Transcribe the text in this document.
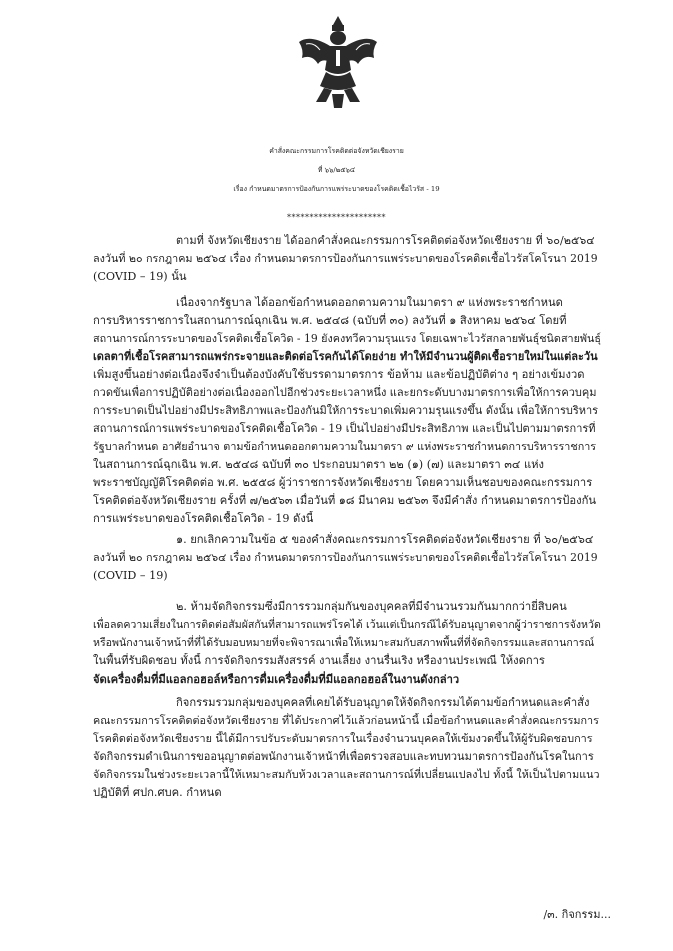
คำสั่งคณะกรรมการโรคติดต่อจังหวัดเชียงราย
ที่ ๖๖/๒๕๖๔
เรื่อง กำหนดมาตรการป้องกันการแพร่ระบาดของโรคติดเชื้อไวรัส - 19
**********************
ตามที่ จังหวัดเชียงราย ได้ออกคำสั่งคณะกรรมการโรคติดต่อจังหวัดเชียงราย ที่ ๖๐/๒๕๖๔
ลงวันที่ ๒๐ กรกฎาคม ๒๕๖๔ เรื่อง กำหนดมาตรการป้องกันการแพร่ระบาดของโรคติดเชื้อไวรัสโคโรนา 2019
(COVID – 19) นั้น
เนื่องจากรัฐบาล ได้ออกข้อกำหนดออกตามความในมาตรา ๙ แห่งพระราชกำหนด
การบริหารราชการในสถานการณ์ฉุกเฉิน พ.ศ. ๒๕๔๘ (ฉบับที่ ๓๐) ลงวันที่ ๑ สิงหาคม ๒๕๖๔ โดยที่
สถานการณ์การระบาดของโรคติดเชื้อโควิด - 19 ยังคงทวีความรุนแรง โดยเฉพาะไวรัสกลายพันธุ์ชนิดสายพันธุ์
เดลตาที่เชื้อโรคสามารถแพร่กระจายและติดต่อโรคกันได้โดยง่าย ทำให้มีจำนวนผู้ติดเชื้อรายใหม่ในแต่ละวัน
เพิ่มสูงขึ้นอย่างต่อเนื่องจึงจำเป็นต้องบังคับใช้บรรดามาตรการ ข้อห้าม และข้อปฏิบัติต่าง ๆ อย่างเข้มงวด
กวดขันเพื่อการปฏิบัติอย่างต่อเนื่องออกไปอีกช่วงระยะเวลาหนึ่ง และยกระดับบางมาตรการเพื่อให้การควบคุม
การระบาดเป็นไปอย่างมีประสิทธิภาพและป้องกันมิให้การระบาดเพิ่มความรุนแรงขึ้น ดังนั้น เพื่อให้การบริหาร
สถานการณ์การแพร่ระบาดของโรคติดเชื้อโควิด - 19 เป็นไปอย่างมีประสิทธิภาพ และเป็นไปตามมาตรการที่
รัฐบาลกำหนด อาศัยอำนาจ ตามข้อกำหนดออกตามความในมาตรา ๙ แห่งพระราชกำหนดการบริหารราชการ
ในสถานการณ์ฉุกเฉิน พ.ศ. ๒๕๔๘ ฉบับที่ ๓๐ ประกอบมาตรา ๒๒ (๑) (๗) และมาตรา ๓๔ แห่ง
พระราชบัญญัติโรคติดต่อ พ.ศ. ๒๕๕๘ ผู้ว่าราชการจังหวัดเชียงราย โดยความเห็นชอบของคณะกรรมการ
โรคติดต่อจังหวัดเชียงราย ครั้งที่ ๗/๒๕๖๓ เมื่อวันที่ ๑๘ มีนาคม ๒๕๖๓ จึงมีคำสั่ง กำหนดมาตรการป้องกัน
การแพร่ระบาดของโรคติดเชื้อโควิด - 19 ดังนี้
๑. ยกเลิกความในข้อ ๕ ของคำสั่งคณะกรรมการโรคติดต่อจังหวัดเชียงราย ที่ ๖๐/๒๕๖๔
ลงวันที่ ๒๐ กรกฎาคม ๒๕๖๔ เรื่อง กำหนดมาตรการป้องกันการแพร่ระบาดของโรคติดเชื้อไวรัสโคโรนา 2019
(COVID – 19)
๒. ห้ามจัดกิจกรรมซึ่งมีการรวมกลุ่มกันของบุคคลที่มีจำนวนรวมกันมากกว่ายี่สิบคน
เพื่อลดความเสี่ยงในการติดต่อสัมผัสกันที่สามารถแพร่โรคได้ เว้นแต่เป็นกรณีได้รับอนุญาตจากผู้ว่าราชการจังหวัด
หรือพนักงานเจ้าหน้าที่ที่ได้รับมอบหมายที่จะพิจารณาเพื่อให้เหมาะสมกับสภาพพื้นที่ที่จัดกิจกรรมและสถานการณ์
ในพื้นที่รับผิดชอบ ทั้งนี้ การจัดกิจกรรมสังสรรค์ งานเลี้ยง งานรื่นเริง หรืองานประเพณี ให้งดการ
จัดเครื่องดื่มที่มีแอลกอฮอล์หรือการดื่มเครื่องดื่มที่มีแอลกอฮอล์ในงานดังกล่าว
กิจกรรมรวมกลุ่มของบุคคลที่เคยได้รับอนุญาตให้จัดกิจกรรมได้ตามข้อกำหนดและคำสั่ง
คณะกรรมการโรคติดต่อจังหวัดเชียงราย ที่ได้ประกาศไว้แล้วก่อนหน้านี้ เมื่อข้อกำหนดและคำสั่งคณะกรรมการ
โรคติดต่อจังหวัดเชียงราย นี้ได้มีการปรับระดับมาตรการในเรื่องจำนวนบุคคลให้เข้มงวดขึ้นให้ผู้รับผิดชอบการ
จัดกิจกรรมดำเนินการขออนุญาตต่อพนักงานเจ้าหน้าที่เพื่อตรวจสอบและทบทวนมาตรการป้องกันโรคในการ
จัดกิจกรรมในช่วงระยะเวลานี้ให้เหมาะสมกับห้วงเวลาและสถานการณ์ที่เปลี่ยนแปลงไป ทั้งนี้ ให้เป็นไปตามแนว
ปฏิบัติที่ ศปก.ศบค. กำหนด
/๓. กิจกรรม...
